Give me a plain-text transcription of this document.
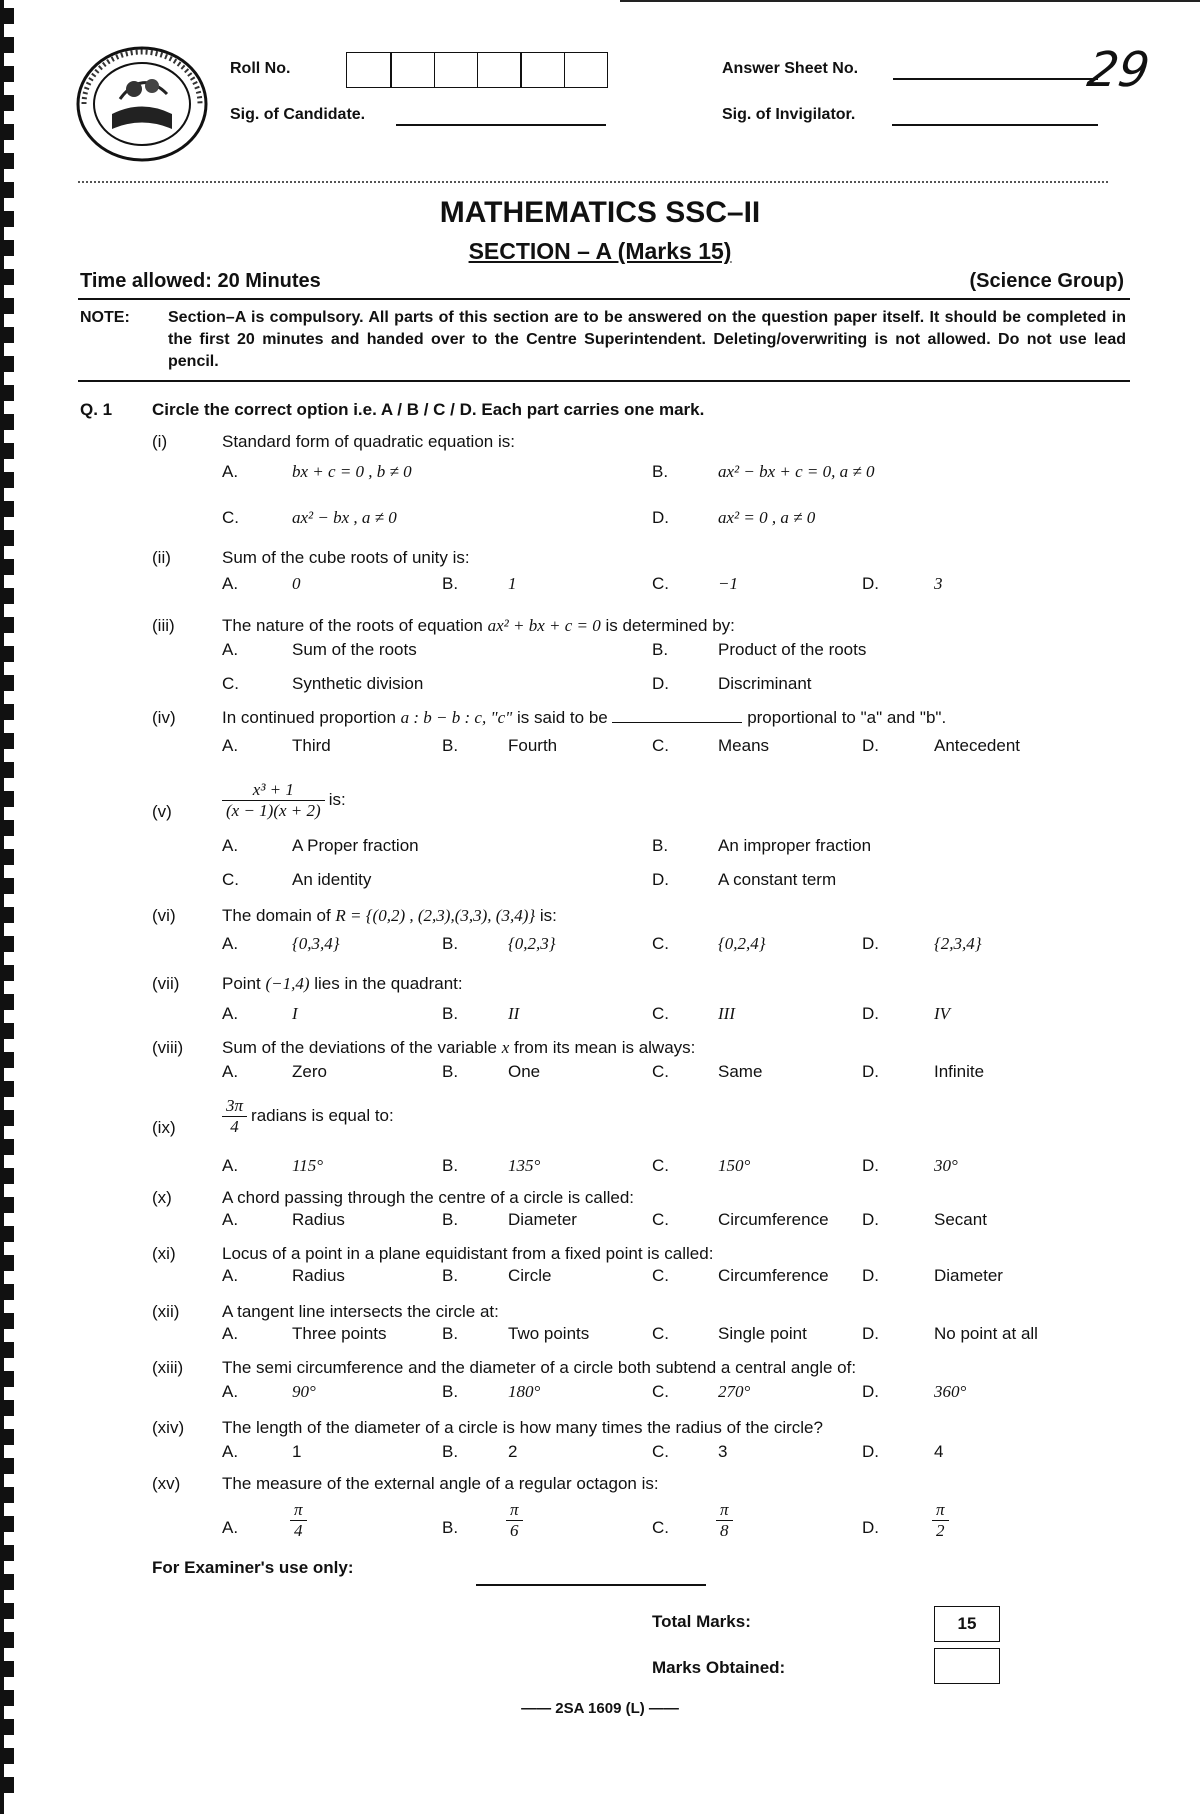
Roll No.
Sig. of Candidate.
Answer Sheet No.	29
Sig. of Invigilator.
MATHEMATICS SSC–II
SECTION – A (Marks 15)
Time allowed: 20 Minutes	(Science Group)
NOTE: Section–A is compulsory. All parts of this section are to be answered on the question paper itself. It should be completed in the first 20 minutes and handed over to the Centre Superintendent. Deleting/overwriting is not allowed. Do not use lead pencil.
Q. 1 Circle the correct option i.e. A / B / C / D. Each part carries one mark.
(i)	Standard form of quadratic equation is:
A.	bx + c = 0 , b ≠ 0	B.	ax² − bx + c = 0, a ≠ 0
C.	ax² − bx , a ≠ 0	D.	ax² = 0 , a ≠ 0
(ii)	Sum of the cube roots of unity is:
A.	0	B.	1	C.	−1	D.	3
(iii)	The nature of the roots of equation ax² + bx + c = 0 is determined by:
A.	Sum of the roots	B.	Product of the roots
C.	Synthetic division	D.	Discriminant
(iv)	In continued proportion a : b − b : c, "c" is said to be	proportional to "a" and "b".
A.	Third	B.	Fourth	C.	Means	D.	Antecedent
(v)	$\frac{\text{x³ + 1}}{(x - 1)(x + 2)}$ is:
A.	A Proper fraction	B.	An improper fraction
C.	An identity	D.	A constant term
(vi)	The domain of R = {(0,2) , (2,3),(3,3), (3,4)} is:
A.	{0,3,4}	B.	{0,2,3}	C.	{0,2,4}	D.	{2,3,4}
(vii)	Point (−1,4) lies in the quadrant:
A.	I	B.	II	C.	III	D.	IV
(viii) Sum of the deviations of the variable x from its mean is always:
A.	Zero	B.	One	C.	Same	D.	Infinite
(ix)	$\frac{3\pi}{4}$ radians is equal to:
A.	115°	B.	135°	C.	150°	D.	30°
(x)	A chord passing through the centre of a circle is called:
A.	Radius	B.	Diameter	C.	Circumference D.	Secant
(xi)	Locus of a point in a plane equidistant from a fixed point is called:
A.	Radius	B.	Circle	C.	Circumference D.	Diameter
(xii)	A tangent line intersects the circle at:
A.	Three points	B.	Two points	C.	Single point	D.	No point at all
(xiii) The semi circumference and the diameter of a circle both subtend a central angle of:
A.	90°	B.	180°	C.	270°	D.	360°
(xiv) The length of the diameter of a circle is how many times the radius of the circle?
A.	1	B.	2	C.	3	D.	4
(xv) The measure of the external angle of a regular octagon is:
A.	$\frac{\pi}{4}$	B.	$\frac{\pi}{6}$	C.	$\frac{\pi}{8}$	D.	$\frac{\pi}{2}$
For Examiner's use only:
Total Marks:	15
Marks Obtained:
—— 2SA 1609 (L) ——
